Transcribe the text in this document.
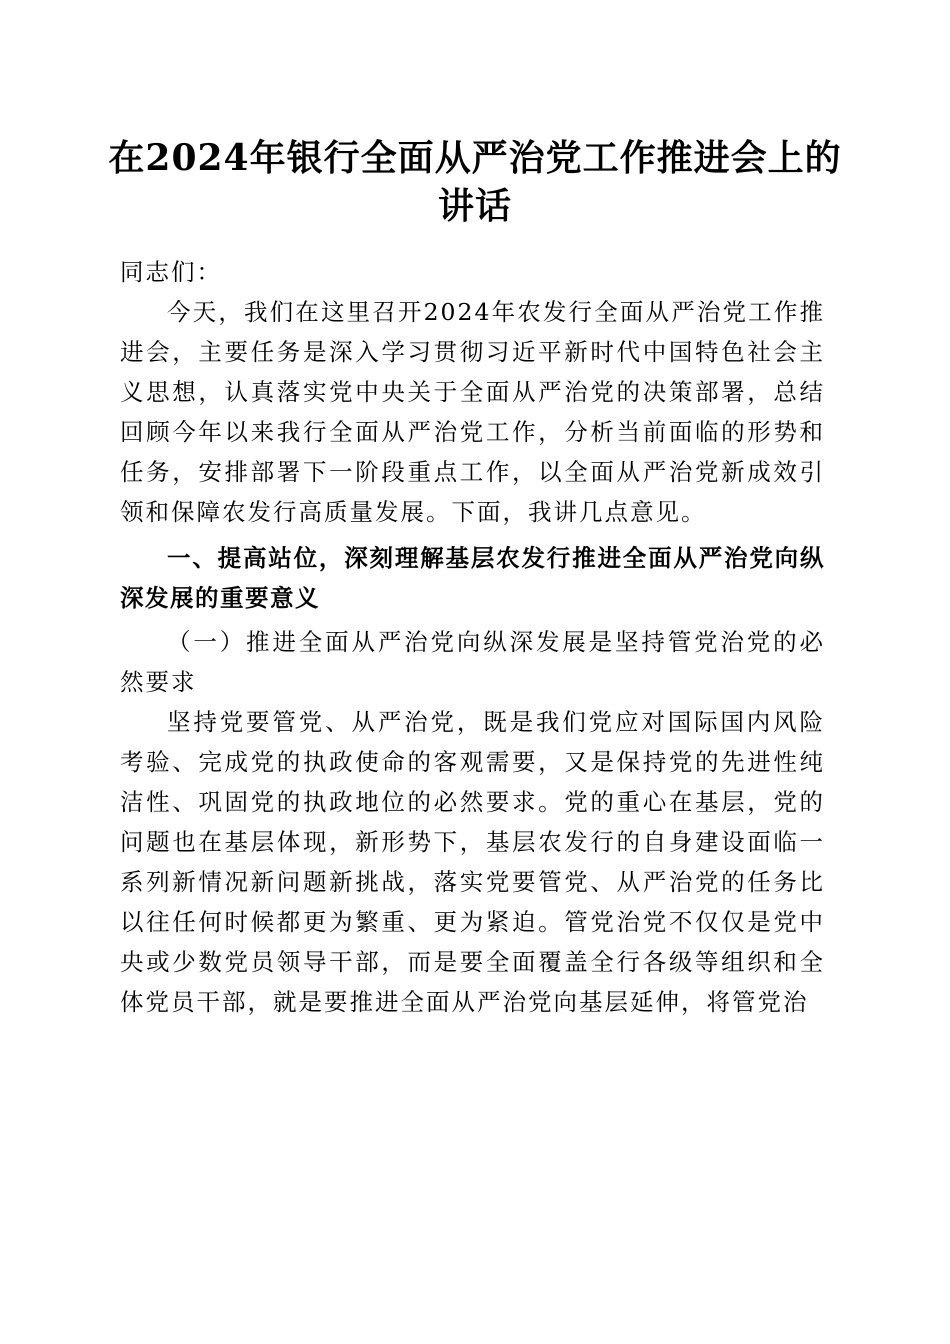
在2024年银行全面从严治党工作推进会上的讲话

同志们：

今天，我们在这里召开2024年农发行全面从严治党工作推进会，主要任务是深入学习贯彻习近平新时代中国特色社会主义思想，认真落实党中央关于全面从严治党的决策部署，总结回顾今年以来我行全面从严治党工作，分析当前面临的形势和任务，安排部署下一阶段重点工作，以全面从严治党新成效引领和保障农发行高质量发展。下面，我讲几点意见。

一、提高站位，深刻理解基层农发行推进全面从严治党向纵深发展的重要意义

（一）推进全面从严治党向纵深发展是坚持管党治党的必然要求

坚持党要管党、从严治党，既是我们党应对国际国内风险考验、完成党的执政使命的客观需要，又是保持党的先进性纯洁性、巩固党的执政地位的必然要求。党的重心在基层，党的问题也在基层体现，新形势下，基层农发行的自身建设面临一系列新情况新问题新挑战，落实党要管党、从严治党的任务比以往任何时候都更为繁重、更为紧迫。管党治党不仅仅是党中央或少数党员领导干部，而是要全面覆盖全行各级等组织和全体党员干部，就是要推进全面从严治党向基层延伸，将管党治
